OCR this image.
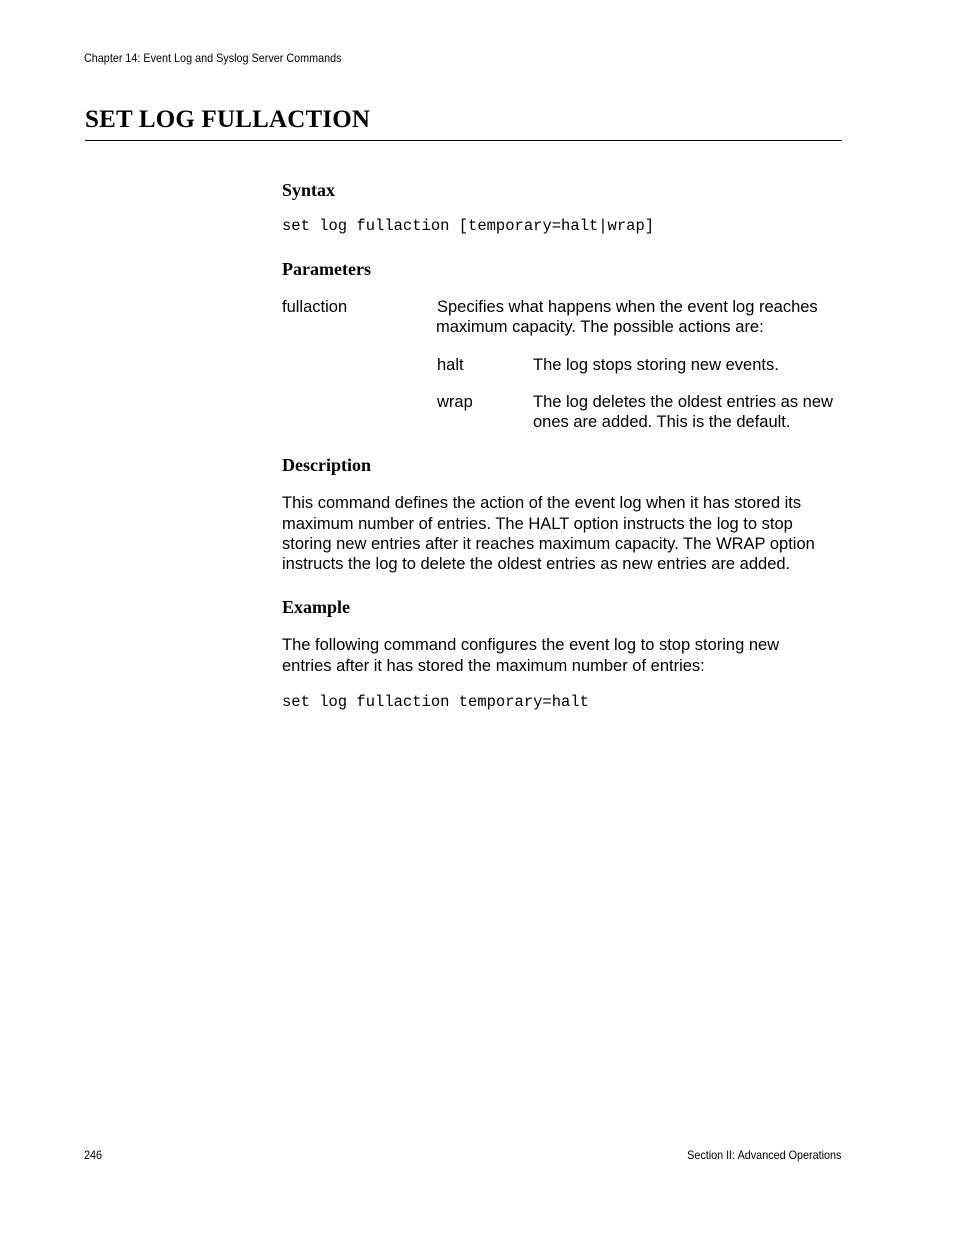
Chapter 14: Event Log and Syslog Server Commands
SET LOG FULLACTION
Syntax
set log fullaction [temporary=halt|wrap]
Parameters
fullaction	Specifies what happens when the event log reaches
maximum capacity. The possible actions are:
halt	The log stops storing new events.
wrap	The log deletes the oldest entries as new
ones are added. This is the default.
Description
This command defines the action of the event log when it has stored its
maximum number of entries. The HALT option instructs the log to stop
storing new entries after it reaches maximum capacity. The WRAP option
instructs the log to delete the oldest entries as new entries are added.
Example
The following command configures the event log to stop storing new
entries after it has stored the maximum number of entries:
set log fullaction temporary=halt
246	Section II: Advanced Operations
